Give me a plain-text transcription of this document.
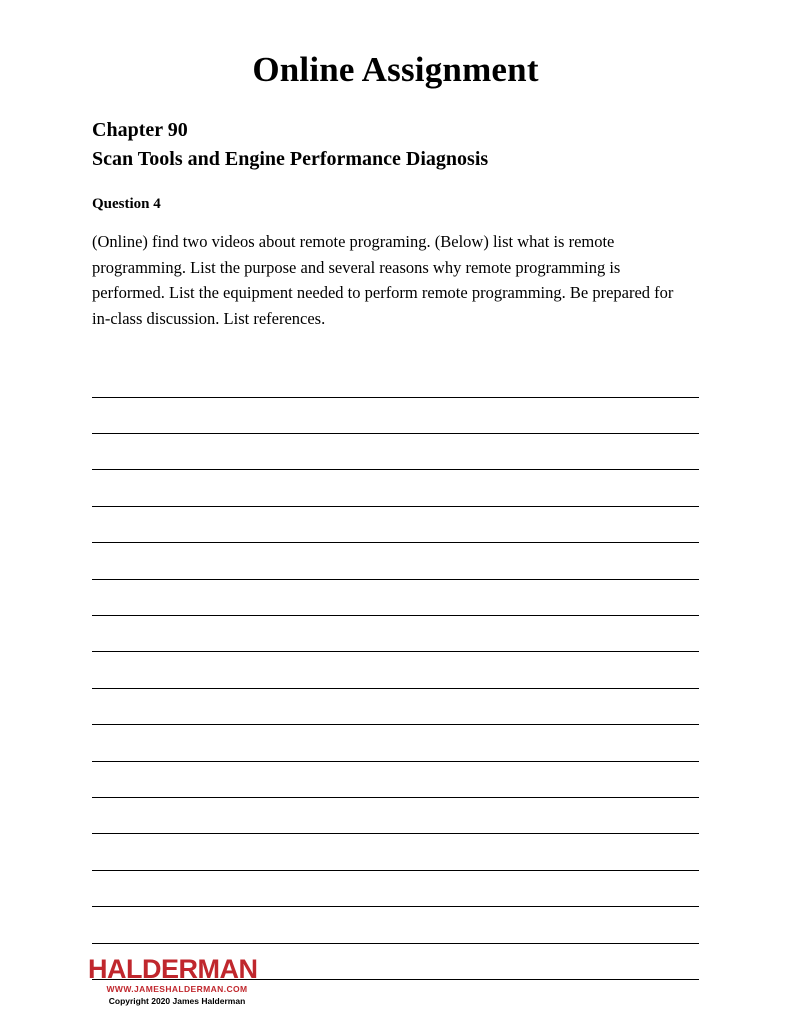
Online Assignment
Chapter 90
Scan Tools and Engine Performance Diagnosis
Question 4
(Online) find two videos about remote programing. (Below) list what is remote programming. List the purpose and several reasons why remote programming is performed. List the equipment needed to perform remote programming. Be prepared for in-class discussion. List references.
HALDERMAN
WWW.JAMESHALDERMAN.COM
Copyright 2020 James Halderman
